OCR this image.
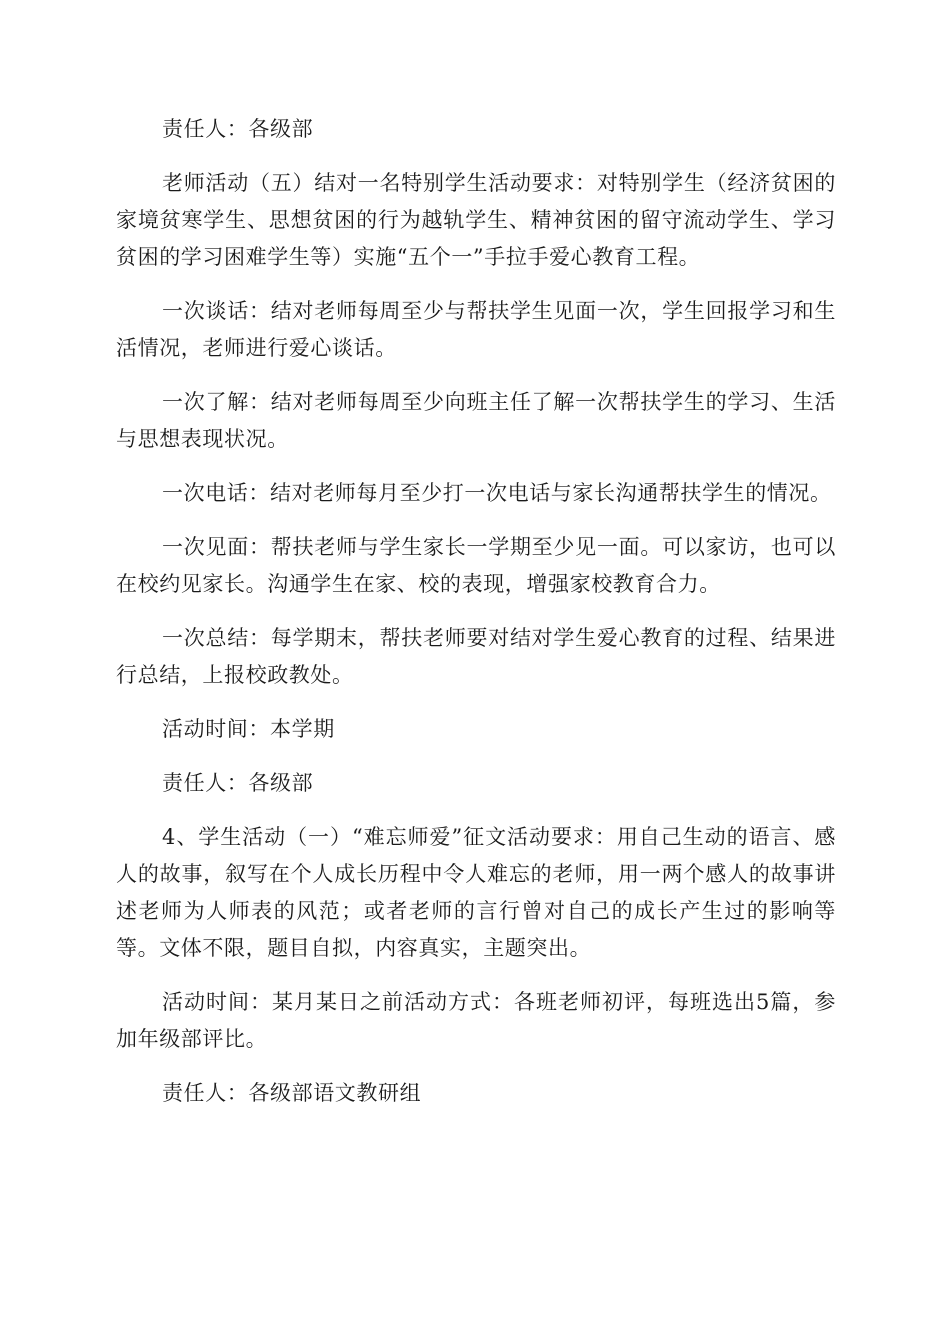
责任人：各级部

老师活动（五）结对一名特别学生活动要求：对特别学生（经济贫困的家境贫寒学生、思想贫困的行为越轨学生、精神贫困的留守流动学生、学习贫困的学习困难学生等）实施“五个一”手拉手爱心教育工程。

一次谈话：结对老师每周至少与帮扶学生见面一次，学生回报学习和生活情况，老师进行爱心谈话。

一次了解：结对老师每周至少向班主任了解一次帮扶学生的学习、生活与思想表现状况。

一次电话：结对老师每月至少打一次电话与家长沟通帮扶学生的情况。

一次见面：帮扶老师与学生家长一学期至少见一面。可以家访，也可以在校约见家长。沟通学生在家、校的表现，增强家校教育合力。

一次总结：每学期末，帮扶老师要对结对学生爱心教育的过程、结果进行总结，上报校政教处。

活动时间：本学期

责任人：各级部

4、学生活动（一）“难忘师爱”征文活动要求：用自己生动的语言、感人的故事，叙写在个人成长历程中令人难忘的老师，用一两个感人的故事讲述老师为人师表的风范；或者老师的言行曾对自己的成长产生过的影响等等。文体不限，题目自拟，内容真实，主题突出。

活动时间：某月某日之前活动方式：各班老师初评，每班选出5篇，参加年级部评比。

责任人：各级部语文教研组
